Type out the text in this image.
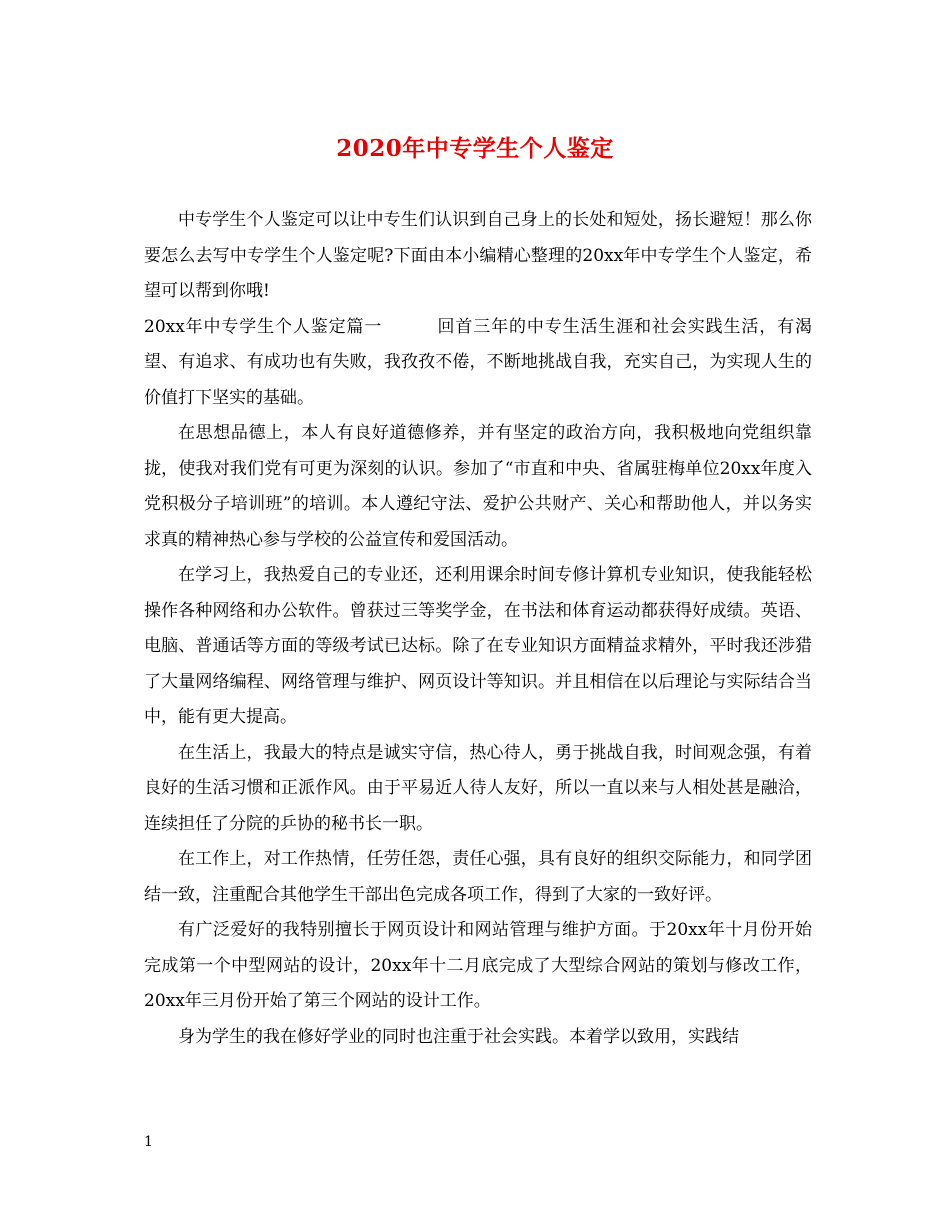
2020年中专学生个人鉴定

中专学生个人鉴定可以让中专生们认识到自己身上的长处和短处，扬长避短！那么你要怎么去写中专学生个人鉴定呢?下面由本小编精心整理的20xx年中专学生个人鉴定，希望可以帮到你哦!

20xx年中专学生个人鉴定篇一	回首三年的中专生活生涯和社会实践生活，有渴望、有追求、有成功也有失败，我孜孜不倦，不断地挑战自我，充实自己，为实现人生的价值打下坚实的基础。

在思想品德上，本人有良好道德修养，并有坚定的政治方向，我积极地向党组织靠拢，使我对我们党有可更为深刻的认识。参加了“市直和中央、省属驻梅单位20xx年度入党积极分子培训班”的培训。本人遵纪守法、爱护公共财产、关心和帮助他人，并以务实求真的精神热心参与学校的公益宣传和爱国活动。

在学习上，我热爱自己的专业还，还利用课余时间专修计算机专业知识，使我能轻松操作各种网络和办公软件。曾获过三等奖学金，在书法和体育运动都获得好成绩。英语、电脑、普通话等方面的等级考试已达标。除了在专业知识方面精益求精外，平时我还涉猎了大量网络编程、网络管理与维护、网页设计等知识。并且相信在以后理论与实际结合当中，能有更大提高。

在生活上，我最大的特点是诚实守信，热心待人，勇于挑战自我，时间观念强，有着良好的生活习惯和正派作风。由于平易近人待人友好，所以一直以来与人相处甚是融洽，连续担任了分院的乒协的秘书长一职。

在工作上，对工作热情，任劳任怨，责任心强，具有良好的组织交际能力，和同学团结一致，注重配合其他学生干部出色完成各项工作，得到了大家的一致好评。

有广泛爱好的我特别擅长于网页设计和网站管理与维护方面。于20xx年十月份开始完成第一个中型网站的设计，20xx年十二月底完成了大型综合网站的策划与修改工作，20xx年三月份开始了第三个网站的设计工作。

身为学生的我在修好学业的同时也注重于社会实践。本着学以致用，实践结

1
